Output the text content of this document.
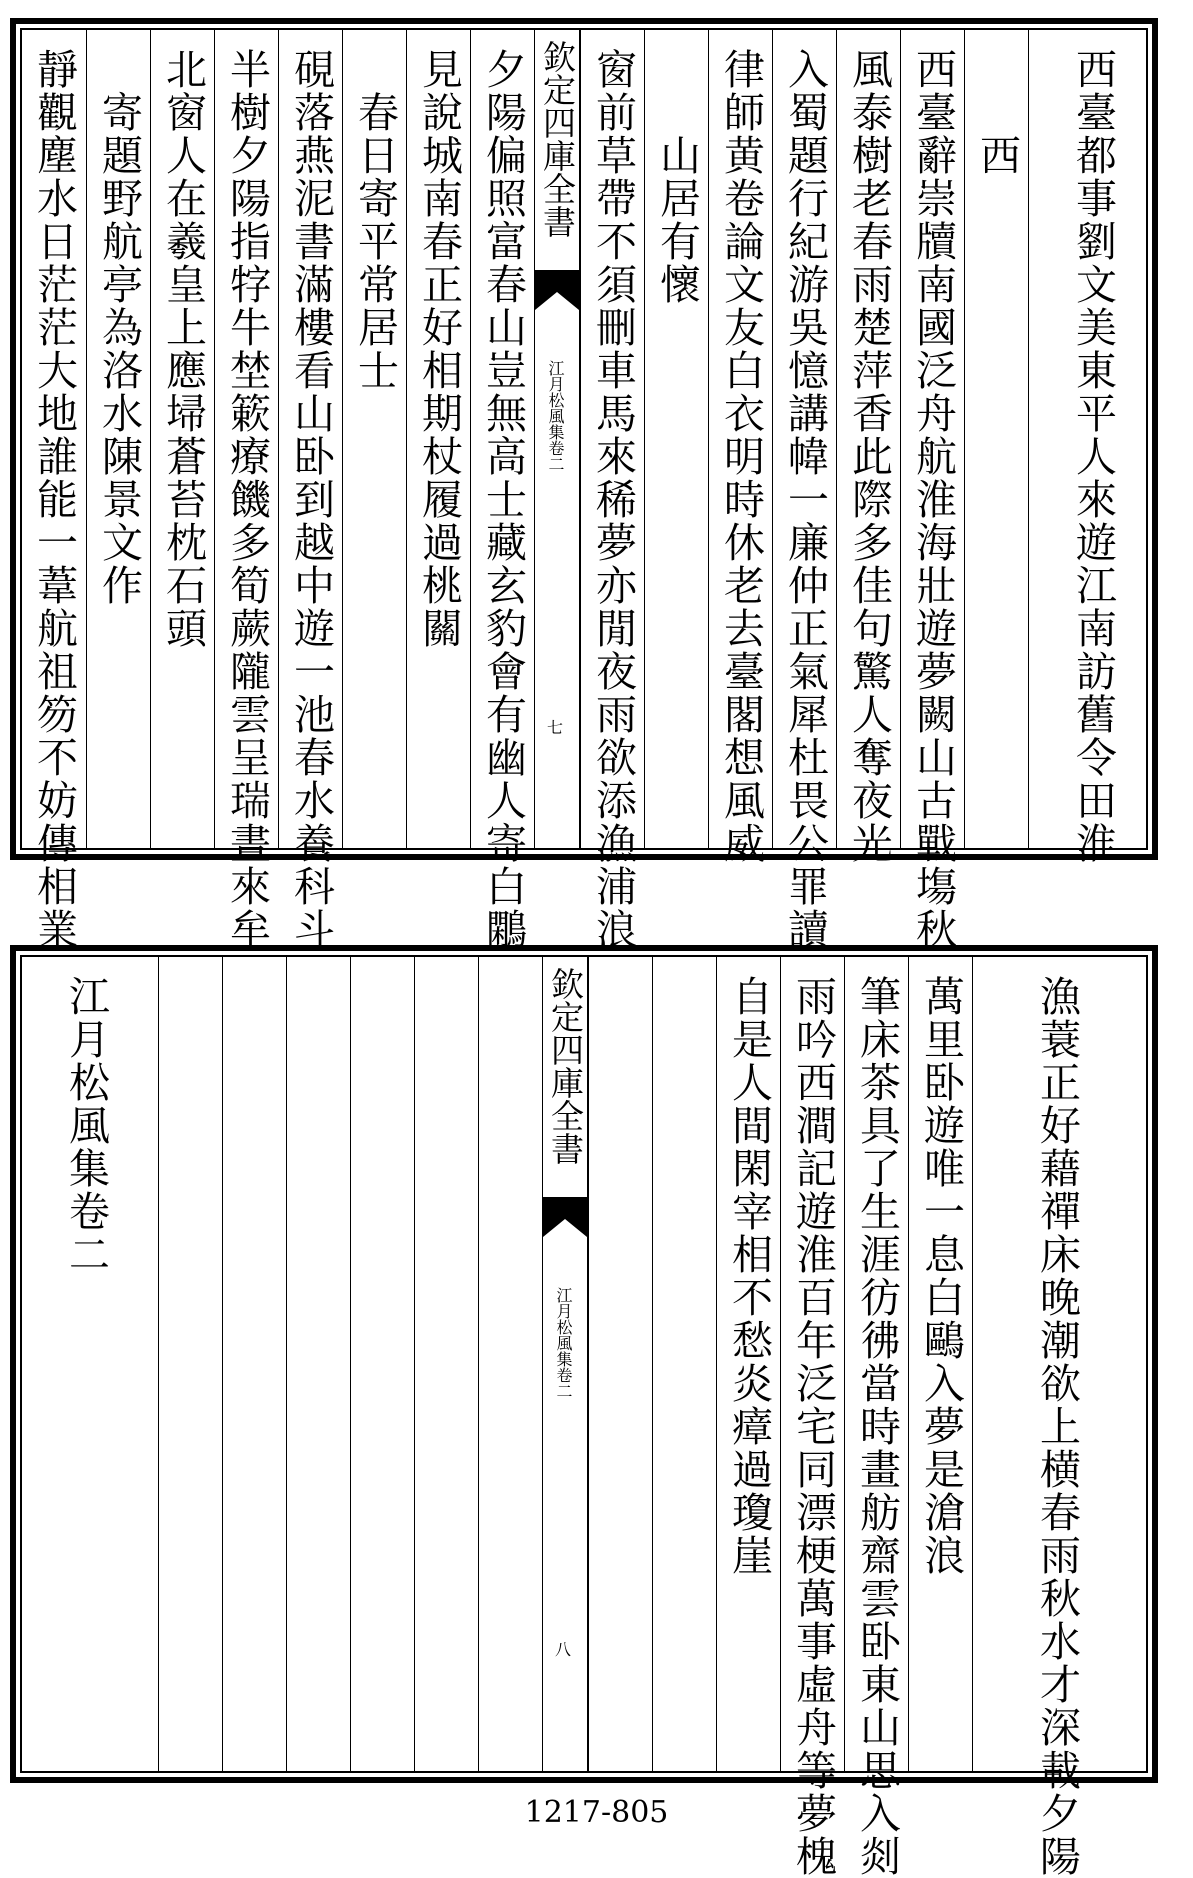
靜觀塵水日茫茫大地誰能一葦航祖笏不妨傳相業 　寄題野航亭為洛水陳景文作 北窗人在羲皇上應埽蒼苔枕石頭 半樹夕陽指牸牛埜簌療饑多筍蕨隴雲呈瑞晝來牟 硯落燕泥書滿樓看山卧到越中遊一池春水養科斗 　春日寄平常居士 見說城南春正好相期杖履過桃關 夕陽偏照富春山豈無高士藏玄豹會有幽人寄白鷴 欽定四庫全書
江月松風集卷二
七 窗前草帶不須刪車馬來稀夢亦閒夜雨欲添漁浦浪 　　山居有懷 律師黄卷論文友白衣明時休老去臺閣想風威 入蜀題行紀游吳憶講幃一廉仲正氣犀杜畏公罪讀 風泰樹老春雨楚萍香此際多佳句驚人奪夜光 西臺辭崇牘南國泛舟航淮海壯遊夢闕山古戰塲秋 　　西 西臺都事劉文美東平人來遊江南訪舊令田淮
江月松風集卷二	欽定四庫全書
江月松風集卷二
八
自是人間閑宰相不愁炎瘴過瓊崖 雨吟西澗記遊淮百年泛宅同漂梗萬事虛舟等夢槐 筆床茶具了生涯彷彿當時畫舫齋雲卧東山思入剡 萬里卧遊唯一息白鷗入夢是滄浪 漁蓑正好藉禪床晚潮欲上横春雨秋水才深載夕陽
1217-805
